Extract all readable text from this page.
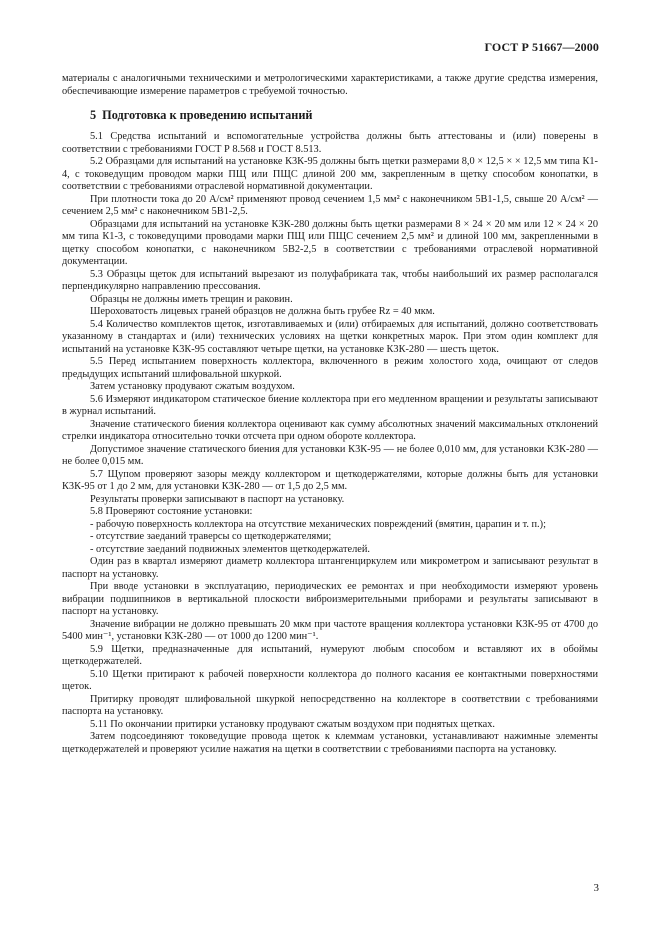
ГОСТ Р 51667—2000

материалы с аналогичными техническими и метрологическими характеристиками, а также другие средства измерения, обеспечивающие измерение параметров с требуемой точностью.

5 Подготовка к проведению испытаний

5.1 Средства испытаний и вспомогательные устройства должны быть аттестованы и (или) поверены в соответствии с требованиями ГОСТ Р 8.568 и ГОСТ 8.513.

5.2 Образцами для испытаний на установке К3К-95 должны быть щетки размерами 8,0 × 12,5 × × 12,5 мм типа К1-4, с токоведущим проводом марки ПЩ или ПЩС длиной 200 мм, закрепленным в щетку способом конопатки, в соответствии с требованиями отраслевой нормативной документации.

При плотности тока до 20 А/см² применяют провод сечением 1,5 мм² с наконечником 5В1-1,5, свыше 20 А/см² — сечением 2,5 мм² с наконечником 5В1-2,5.

Образцами для испытаний на установке К3К-280 должны быть щетки размерами 8 × 24 × 20 мм или 12 × 24 × 20 мм типа К1-3, с токоведущими проводами марки ПЩ или ПЩС сечением 2,5 мм² и длиной 100 мм, закрепленными в щетку способом конопатки, с наконечником 5В2-2,5 в соответствии с требованиями отраслевой нормативной документации.

5.3 Образцы щеток для испытаний вырезают из полуфабриката так, чтобы наибольший их размер располагался перпендикулярно направлению прессования.

Образцы не должны иметь трещин и раковин.

Шероховатость лицевых граней образцов не должна быть грубее Rz = 40 мкм.

5.4 Количество комплектов щеток, изготавливаемых и (или) отбираемых для испытаний, должно соответствовать указанному в стандартах и (или) технических условиях на щетки конкретных марок. При этом один комплект для испытаний на установке К3К-95 составляют четыре щетки, на установке К3К-280 — шесть щеток.

5.5 Перед испытанием поверхность коллектора, включенного в режим холостого хода, очищают от следов предыдущих испытаний шлифовальной шкуркой.

Затем установку продувают сжатым воздухом.

5.6 Измеряют индикатором статическое биение коллектора при его медленном вращении и результаты записывают в журнал испытаний.

Значение статического биения коллектора оценивают как сумму абсолютных значений максимальных отклонений стрелки индикатора относительно точки отсчета при одном обороте коллектора.

Допустимое значение статического биения для установки К3К-95 — не более 0,010 мм, для установки К3К-280 — не более 0,015 мм.

5.7 Щупом проверяют зазоры между коллектором и щеткодержателями, которые должны быть для установки К3К-95 от 1 до 2 мм, для установки К3К-280 — от 1,5 до 2,5 мм.

Результаты проверки записывают в паспорт на установку.

5.8 Проверяют состояние установки:

- рабочую поверхность коллектора на отсутствие механических повреждений (вмятин, царапин и т. п.);

- отсутствие заеданий траверсы со щеткодержателями;

- отсутствие заеданий подвижных элементов щеткодержателей.

Один раз в квартал измеряют диаметр коллектора штангенциркулем или микрометром и записывают результат в паспорт на установку.

При вводе установки в эксплуатацию, периодических ее ремонтах и при необходимости измеряют уровень вибрации подшипников в вертикальной плоскости виброизмерительными приборами и результаты записывают в паспорт на установку.

Значение вибрации не должно превышать 20 мкм при частоте вращения коллектора установки К3К-95 от 4700 до 5400 мин⁻¹, установки К3К-280 — от 1000 до 1200 мин⁻¹.

5.9 Щетки, предназначенные для испытаний, нумеруют любым способом и вставляют их в обоймы щеткодержателей.

5.10 Щетки притирают к рабочей поверхности коллектора до полного касания ее контактными поверхностями щеток.

Притирку проводят шлифовальной шкуркой непосредственно на коллекторе в соответствии с требованиями паспорта на установку.

5.11 По окончании притирки установку продувают сжатым воздухом при поднятых щетках.

Затем подсоединяют токоведущие провода щеток к клеммам установки, устанавливают нажимные элементы щеткодержателей и проверяют усилие нажатия на щетки в соответствии с требованиями паспорта на установку.

3
